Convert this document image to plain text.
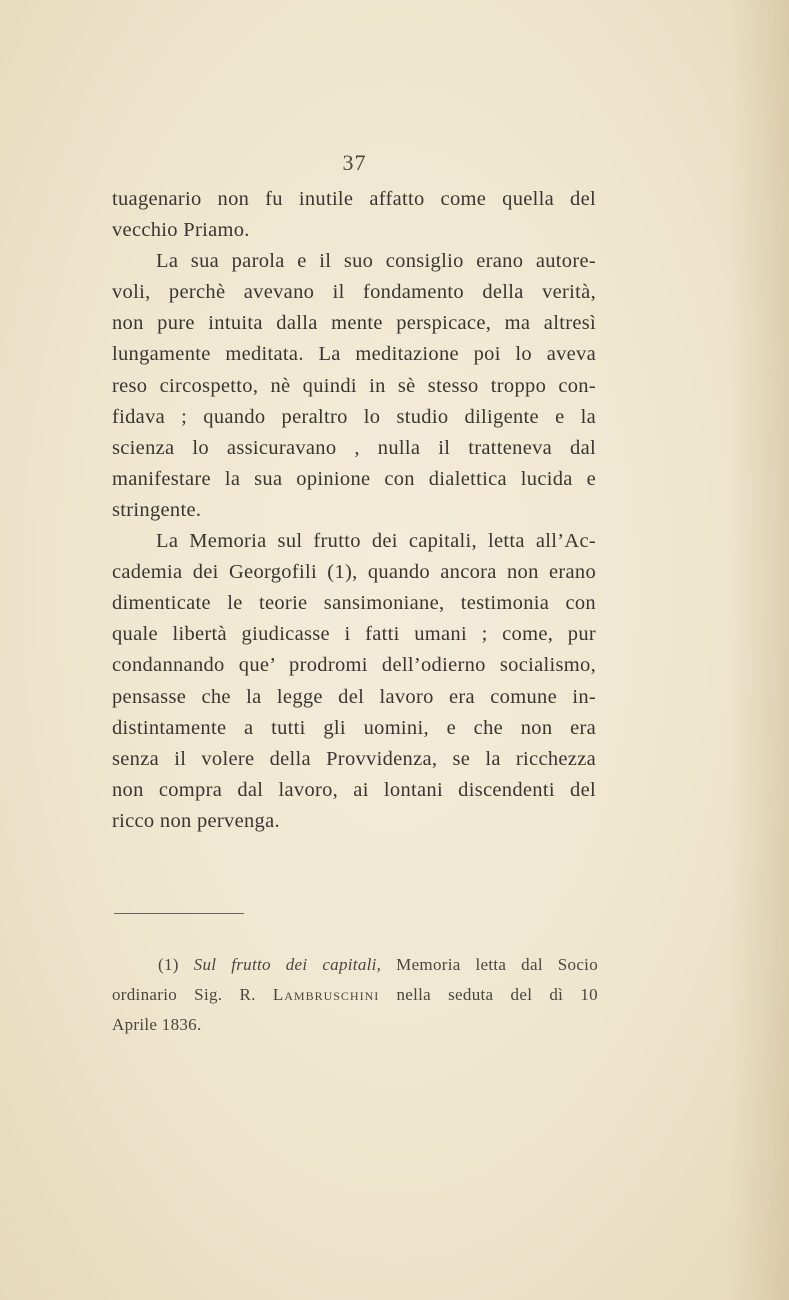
37
tuagenario non fu inutile affatto come quella del
vecchio Priamo.
La sua parola e il suo consiglio erano autore-
voli, perchè avevano il fondamento della verità,
non pure intuita dalla mente perspicace, ma altresì
lungamente meditata. La meditazione poi lo aveva
reso circospetto, nè quindi in sè stesso troppo con-
fidava ; quando peraltro lo studio diligente e la
scienza lo assicuravano , nulla il tratteneva dal
manifestare la sua opinione con dialettica lucida e
stringente.
La Memoria sul frutto dei capitali, letta all’Ac-
cademia dei Georgofili (1), quando ancora non erano
dimenticate le teorie sansimoniane, testimonia con
quale libertà giudicasse i fatti umani ; come, pur
condannando que’ prodromi dell’odierno socialismo,
pensasse che la legge del lavoro era comune in-
distintamente a tutti gli uomini, e che non era
senza il volere della Provvidenza, se la ricchezza
non compra dal lavoro, ai lontani discendenti del
ricco non pervenga.
(1) Sul frutto dei capitali, Memoria letta dal Socio
ordinario Sig. R. Lambruschini nella seduta del dì 10
Aprile 1836.
